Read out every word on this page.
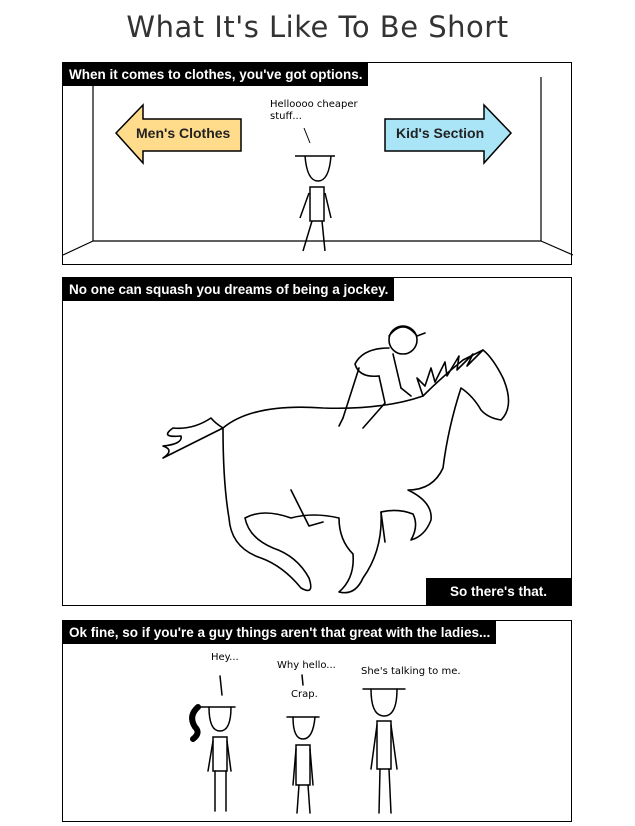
What It's Like To Be Short
When it comes to clothes, you've got options.
Helloooo cheaper stuff...
Men's Clothes	Kid's Section
No one can squash you dreams of being a jockey.
So there's that.
Ok fine, so if you're a guy things aren't that great with the ladies...
Hey...
Why hello...
Crap.
She's talking to me.
